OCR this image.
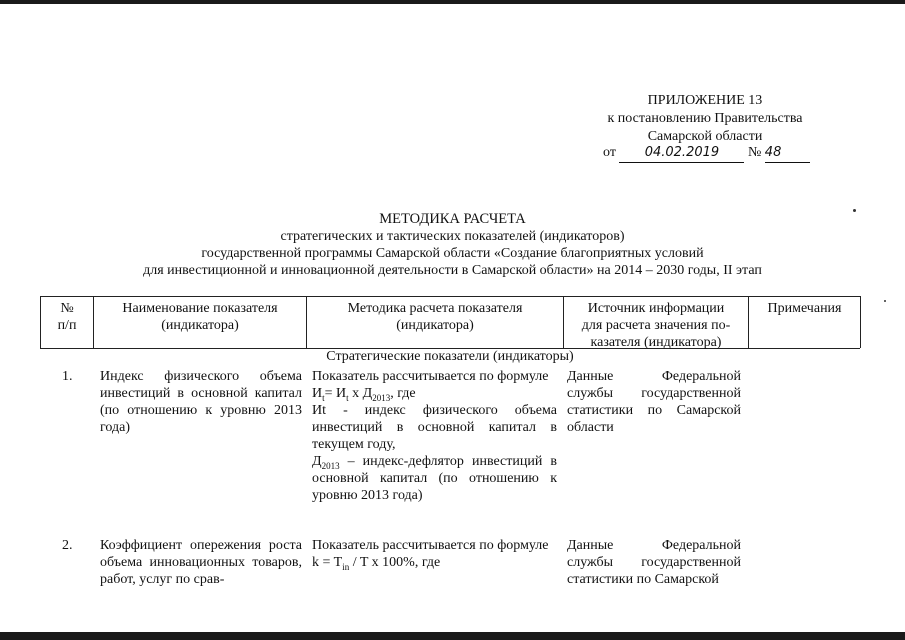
ПРИЛОЖЕНИЕ 13
к постановлению Правительства
Самарской области
от 04.02.2019 № 48
МЕТОДИКА РАСЧЕТА
стратегических и тактических показателей (индикаторов)
государственной программы Самарской области «Создание благоприятных условий
для инвестиционной и инновационной деятельности в Самарской области» на 2014 – 2030 годы, II этап
№
п/п
Наименование показателя
(индикатора)
Методика расчета показателя
(индикатора)
Источник информации
для расчета значения по-
казателя (индикатора)
Примечания
Стратегические показатели (индикаторы)
1.	Индекс физического объема инвестиций в основной капитал (по отношению к уровню 2013 года)
Показатель рассчитывается по формуле
$И_t= И_t$ x $Д_{2013}$, где
Иt - индекс физического объема инвестиций в основной капитал в текущем году,
$Д_{2013}$ – индекс-дефлятор инвестиций в основной капитал (по отношению к уровню 2013 года)
Данные Федеральной службы государственной статистики по Самарской области
2.	Коэффициент опережения роста объема инновационных товаров, работ, услуг по срав-
Показатель рассчитывается по формуле
$k = T_{in} / T$ x 100%, где
Данные Федеральной службы государственной статистики по Самарской
